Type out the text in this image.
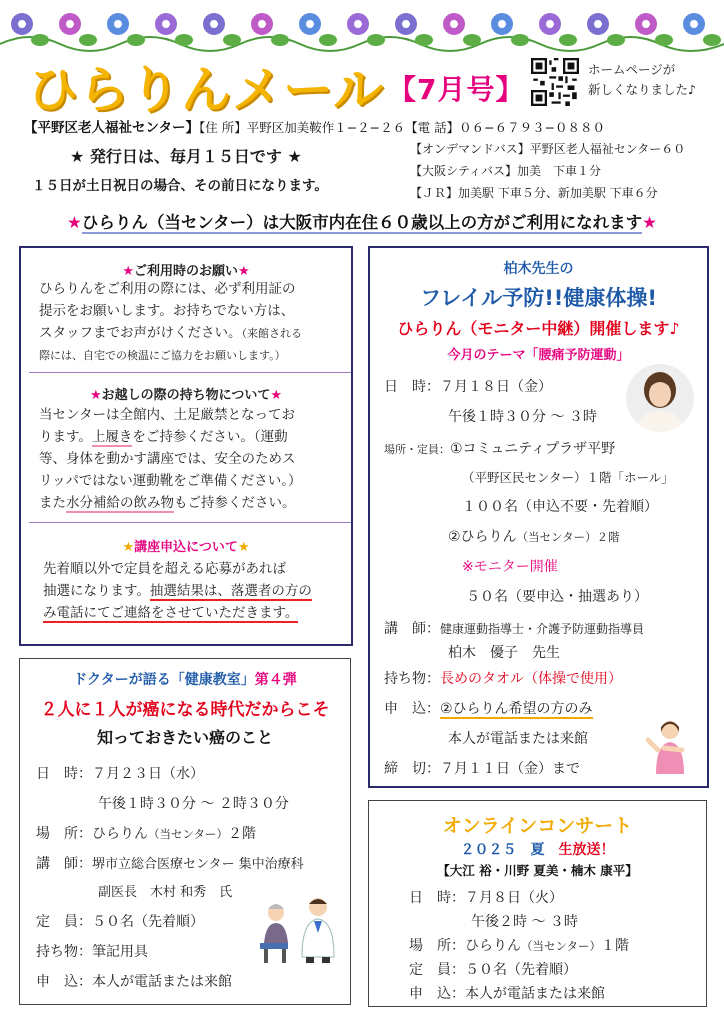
ひらりんメール 【7月号】
ホームページが
新しくなりました♪
【平野区老人福祉センター】【住 所】平野区加美鞍作１−２−２６【電 話】０６−６７９３−０８８０
★ 発行日は、毎月１５日です ★
１５日が土日祝日の場合、その前日になります。
【オンデマンドバス】平野区老人福祉センター６０
【大阪シティバス】加美　下車１分
【ＪＲ】加美駅 下車５分、新加美駅 下車６分
★ひらりん（当センター）は大阪市内在住６０歳以上の方がご利用になれます★
★ご利用時のお願い★
ひらりんをご利用の際には、必ず利用証の
提示をお願いします。お持ちでない方は、
スタッフまでお声がけください。（来館される
際には、自宅での検温にご協力をお願いします。）
★お越しの際の持ち物について★
当センターは全館内、土足厳禁となってお
ります。上履きをご持参ください。（運動
等、身体を動かす講座では、安全のためス
リッパではない運動靴をご準備ください。）
また水分補給の飲み物もご持参ください。
★講座申込について★
先着順以外で定員を超える応募があれば
抽選になります。抽選結果は、落選者の方の
み電話にてご連絡をさせていただきます。
ドクターが語る「健康教室」第４弾
２人に１人が癌になる時代だからこそ
知っておきたい癌のこと
日　時：７月２３日（水）
午後１時３０分 〜 ２時３０分
場　所：ひらりん（当センター）２階
講　師：堺市立総合医療センター 集中治療科
副医長　木村 和秀　氏
定　員：５０名（先着順）
持ち物：筆記用具
申　込：本人が電話または来館
柏木先生の
フレイル予防!!健康体操!
ひらりん（モニター中継）開催します♪
今月のテーマ「腰痛予防運動」
日　時：７月１８日（金）
午後１時３０分 〜 ３時
場所・定員：①コミュニティプラザ平野
（平野区民センター）１階「ホール」
１００名（申込不要・先着順）
②ひらりん（当センター）２階
※モニター開催
５０名（要申込・抽選あり）
講　師：健康運動指導士・介護予防運動指導員
柏木　優子　先生
持ち物：長めのタオル（体操で使用）
申　込：②ひらりん希望の方のみ
本人が電話または来館
締　切：７月１１日（金）まで
オンラインコンサート
２０２５　 夏　 生放送！
【大江 裕・川野 夏美・楠木 康平】
日　時：７月８日（火）
午後２時 〜 ３時
場　所：ひらりん（当センター）１階
定　員：５０名（先着順）
申　込：本人が電話または来館
